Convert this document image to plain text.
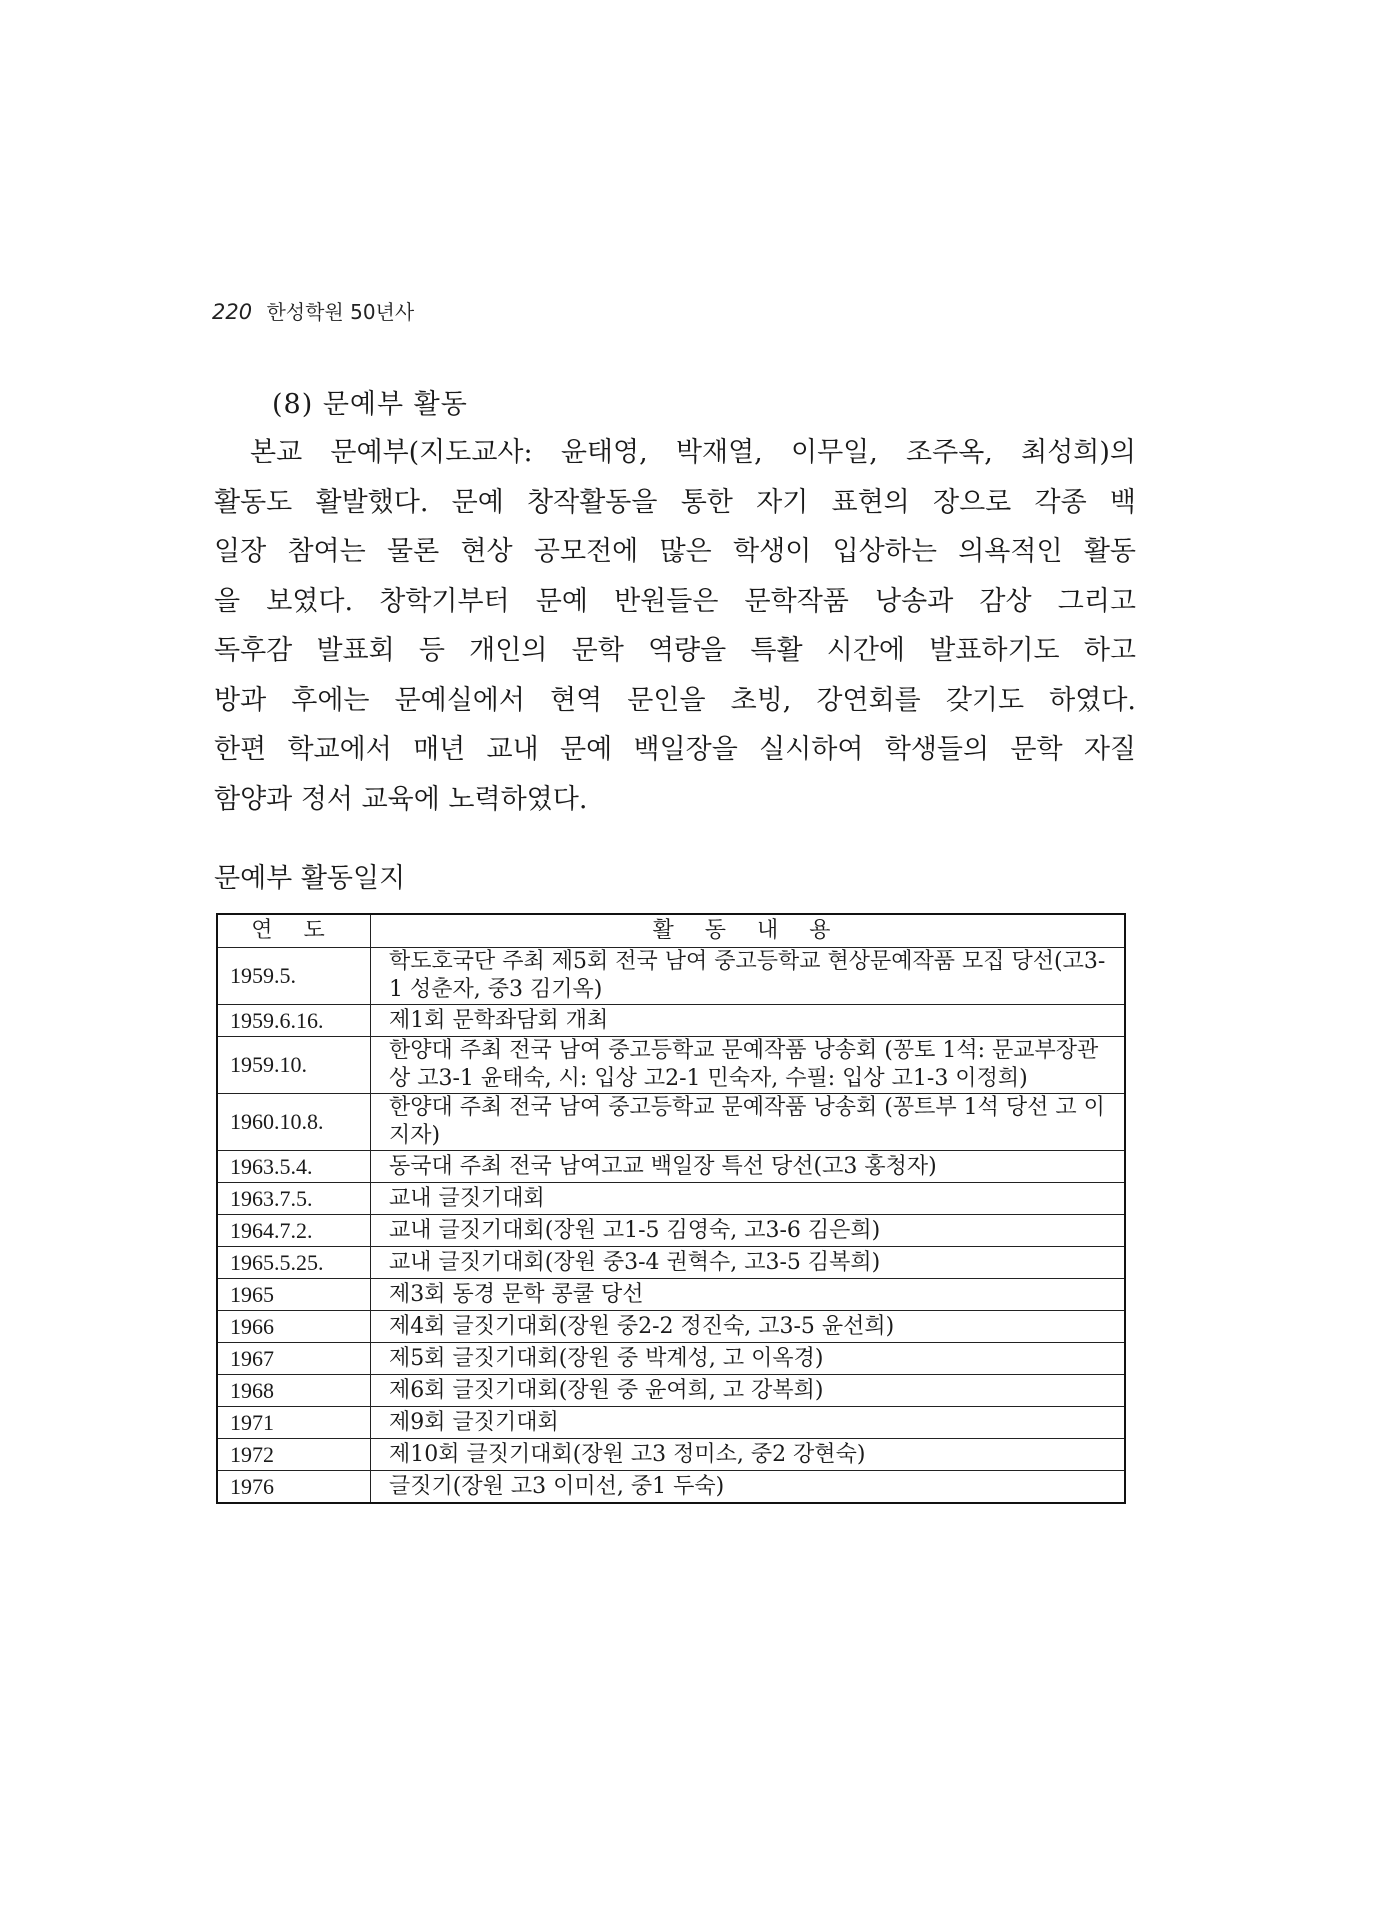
220 한성학원 50년사
(8) 문예부 활동
본교 문예부(지도교사: 윤태영, 박재열, 이무일, 조주옥, 최성희)의
활동도 활발했다. 문예 창작활동을 통한 자기 표현의 장으로 각종 백
일장 참여는 물론 현상 공모전에 많은 학생이 입상하는 의욕적인 활동
을 보였다. 창학기부터 문예 반원들은 문학작품 낭송과 감상 그리고
독후감 발표회 등 개인의 문학 역량을 특활 시간에 발표하기도 하고
방과 후에는 문예실에서 현역 문인을 초빙, 강연회를 갖기도 하였다.
한편 학교에서 매년 교내 문예 백일장을 실시하여 학생들의 문학 자질
함양과 정서 교육에 노력하였다.
문예부 활동일지
연 도	활 동 내 용
1959.5.	학도호국단 주최 제5회 전국 남여 중고등학교 현상문예작품 모집 당선(고3-1 성춘자, 중3 김기옥)
1959.6.16.	제1회 문학좌담회 개최
1959.10.	한양대 주최 전국 남여 중고등학교 문예작품 낭송회 (꽁토 1석: 문교부장관상 고3-1 윤태숙, 시: 입상 고2-1 민숙자, 수필: 입상 고1-3 이정희)
1960.10.8.	한양대 주최 전국 남여 중고등학교 문예작품 낭송회 (꽁트부 1석 당선 고 이지자)
1963.5.4.	동국대 주최 전국 남여고교 백일장 특선 당선(고3 홍청자)
1963.7.5.	교내 글짓기대회
1964.7.2.	교내 글짓기대회(장원 고1-5 김영숙, 고3-6 김은희)
1965.5.25.	교내 글짓기대회(장원 중3-4 권혁수, 고3-5 김복희)
1965	제3회 동경 문학 콩쿨 당선
1966	제4회 글짓기대회(장원 중2-2 정진숙, 고3-5 윤선희)
1967	제5회 글짓기대회(장원 중 박계성, 고 이옥경)
1968	제6회 글짓기대회(장원 중 윤여희, 고 강복희)
1971	제9회 글짓기대회
1972	제10회 글짓기대회(장원 고3 정미소, 중2 강현숙)
1976	글짓기(장원 고3 이미선, 중1 두숙)
